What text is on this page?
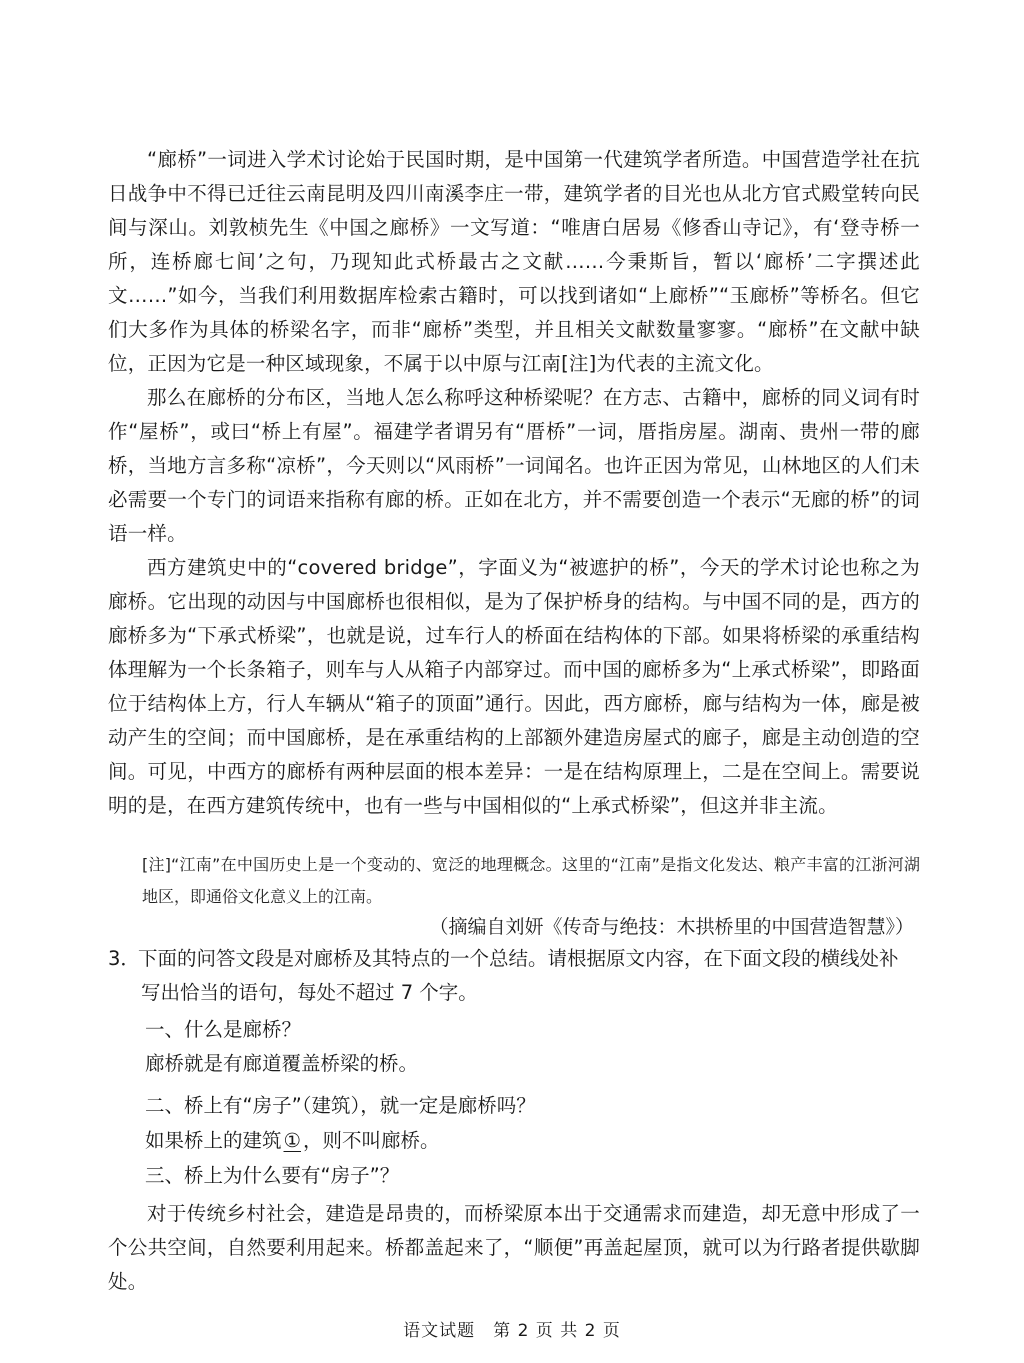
“廊桥”一词进入学术讨论始于民国时期，是中国第一代建筑学者所造。中国营造学社在抗日战争中不得已迁往云南昆明及四川南溪李庄一带，建筑学者的目光也从北方官式殿堂转向民间与深山。刘敦桢先生《中国之廊桥》一文写道：“唯唐白居易《修香山寺记》，有‘登寺桥一所，连桥廊七间’之句，乃现知此式桥最古之文献……今秉斯旨，暂以‘廊桥’二字撰述此文……”如今，当我们利用数据库检索古籍时，可以找到诸如“上廊桥”“玉廊桥”等桥名。但它们大多作为具体的桥梁名字，而非“廊桥”类型，并且相关文献数量寥寥。“廊桥”在文献中缺位，正因为它是一种区域现象，不属于以中原与江南[注]为代表的主流文化。

那么在廊桥的分布区，当地人怎么称呼这种桥梁呢？在方志、古籍中，廊桥的同义词有时作“屋桥”，或曰“桥上有屋”。福建学者谓另有“厝桥”一词，厝指房屋。湖南、贵州一带的廊桥，当地方言多称“凉桥”，今天则以“风雨桥”一词闻名。也许正因为常见，山林地区的人们未必需要一个专门的词语来指称有廊的桥。正如在北方，并不需要创造一个表示“无廊的桥”的词语一样。

西方建筑史中的“covered bridge”，字面义为“被遮护的桥”，今天的学术讨论也称之为廊桥。它出现的动因与中国廊桥也很相似，是为了保护桥身的结构。与中国不同的是，西方的廊桥多为“下承式桥梁”，也就是说，过车行人的桥面在结构体的下部。如果将桥梁的承重结构体理解为一个长条箱子，则车与人从箱子内部穿过。而中国的廊桥多为“上承式桥梁”，即路面位于结构体上方，行人车辆从“箱子的顶面”通行。因此，西方廊桥，廊与结构为一体，廊是被动产生的空间；而中国廊桥，是在承重结构的上部额外建造房屋式的廊子，廊是主动创造的空间。可见，中西方的廊桥有两种层面的根本差异：一是在结构原理上，二是在空间上。需要说明的是，在西方建筑传统中，也有一些与中国相似的“上承式桥梁”，但这并非主流。

[注]“江南”在中国历史上是一个变动的、宽泛的地理概念。这里的“江南”是指文化发达、粮产丰富的江浙河湖地区，即通俗文化意义上的江南。

（摘编自刘妍《传奇与绝技：木拱桥里的中国营造智慧》）

3．下面的问答文段是对廊桥及其特点的一个总结。请根据原文内容，在下面文段的横线处补
写出恰当的语句，每处不超过 7 个字。

一、什么是廊桥？

廊桥就是有廊道覆盖桥梁的桥。

二、桥上有“房子”（建筑），就一定是廊桥吗？

如果桥上的建筑 ① ，则不叫廊桥。

三、桥上为什么要有“房子”？

对于传统乡村社会，建造是昂贵的，而桥梁原本出于交通需求而建造，却无意中形成了一个公共空间，自然要利用起来。桥都盖起来了，“顺便”再盖起屋顶，就可以为行路者提供歇脚处。

语文试题　第 2 页 共 2 页
